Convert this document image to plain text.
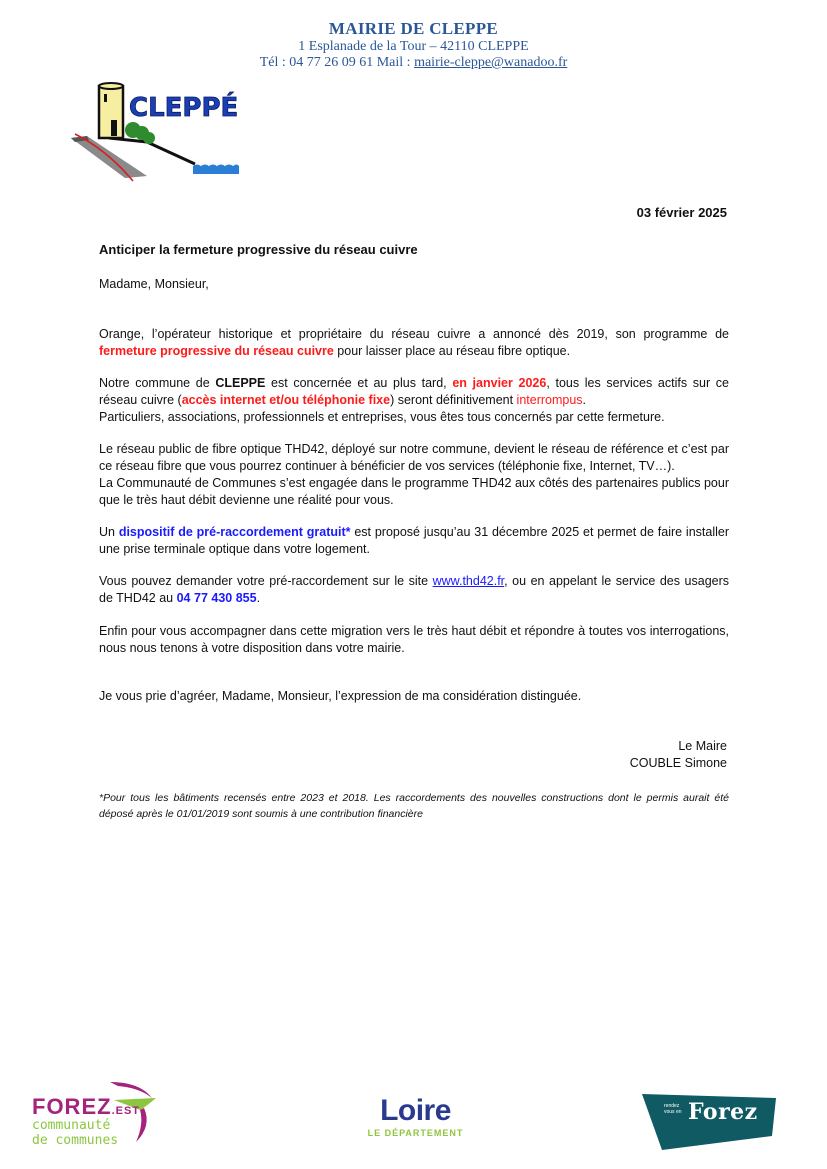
MAIRIE DE CLEPPE
1 Esplanade de la Tour – 42110 CLEPPE
Tél : 04 77 26 09 61 Mail : mairie-cleppe@wanadoo.fr
CLEPPÉ
03 février 2025
Anticiper la fermeture progressive du réseau cuivre
Madame, Monsieur,
Orange, l’opérateur historique et propriétaire du réseau cuivre a annoncé dès 2019, son programme de fermeture progressive du réseau cuivre pour laisser place au réseau fibre optique.
Notre commune de CLEPPE est concernée et au plus tard, en janvier 2026, tous les services actifs sur ce réseau cuivre (accès internet et/ou téléphonie fixe) seront définitivement interrompus.
Particuliers, associations, professionnels et entreprises, vous êtes tous concernés par cette fermeture.
Le réseau public de fibre optique THD42, déployé sur notre commune, devient le réseau de référence et c’est par ce réseau fibre que vous pourrez continuer à bénéficier de vos services (téléphonie fixe, Internet, TV…).
La Communauté de Communes s’est engagée dans le programme THD42 aux côtés des partenaires publics pour que le très haut débit devienne une réalité pour vous.
Un dispositif de pré-raccordement gratuit* est proposé jusqu’au 31 décembre 2025 et permet de faire installer une prise terminale optique dans votre logement.
Vous pouvez demander votre pré-raccordement sur le site www.thd42.fr, ou en appelant le service des usagers de THD42 au 04 77 430 855.
Enfin pour vous accompagner dans cette migration vers le très haut débit et répondre à toutes vos interrogations, nous nous tenons à votre disposition dans votre mairie.
Je vous prie d’agréer, Madame, Monsieur, l’expression de ma considération distinguée.
Le Maire
COUBLE Simone
*Pour tous les bâtiments recensés entre 2023 et 2018. Les raccordements des nouvelles constructions dont le permis aurait été déposé après le 01/01/2019 sont soumis à une contribution financière
FOREZ.EST
communauté
de communes
Loire
LE DÉPARTEMENT
rendez vous en Forez
